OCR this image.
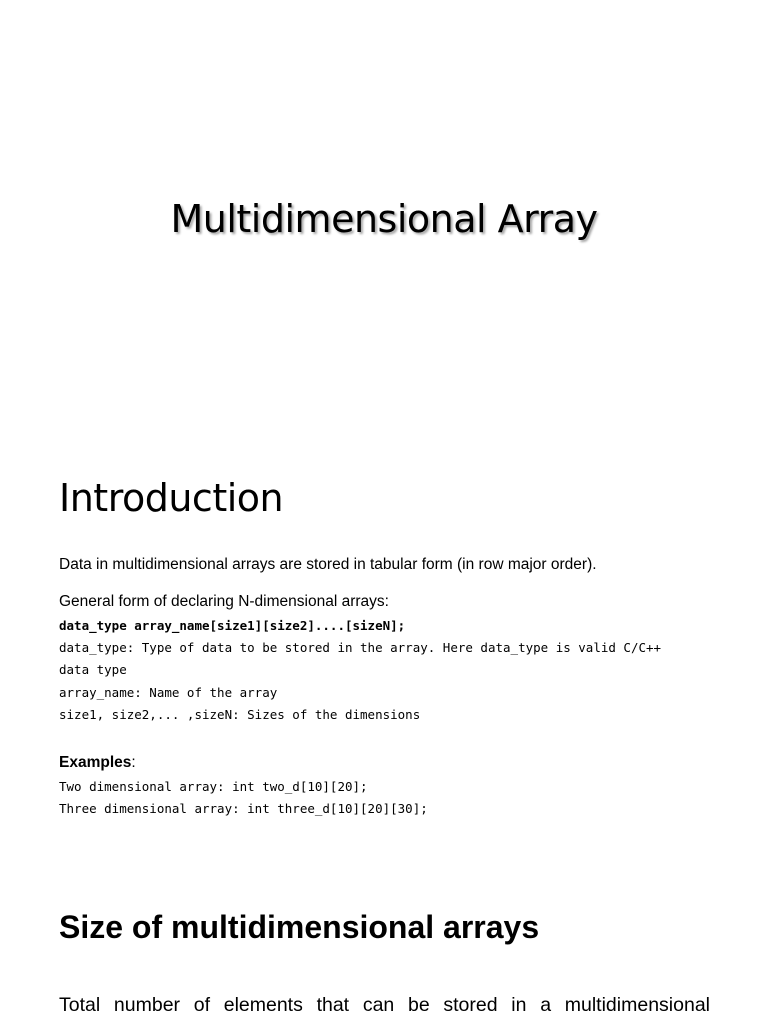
Multidimensional Array
Introduction

Data in multidimensional arrays are stored in tabular form (in row major order).

General form of declaring N-dimensional arrays:

data_type array_name[size1][size2]....[sizeN];

data_type: Type of data to be stored in the array. Here data_type is valid C/C++

data type

array_name: Name of the array

size1, size2,... ,sizeN: Sizes of the dimensions

Examples:

Two dimensional array: int two_d[10][20];

Three dimensional array: int three_d[10][20][30];

Size of multidimensional arrays

Total number of elements that can be stored in a multidimensional
